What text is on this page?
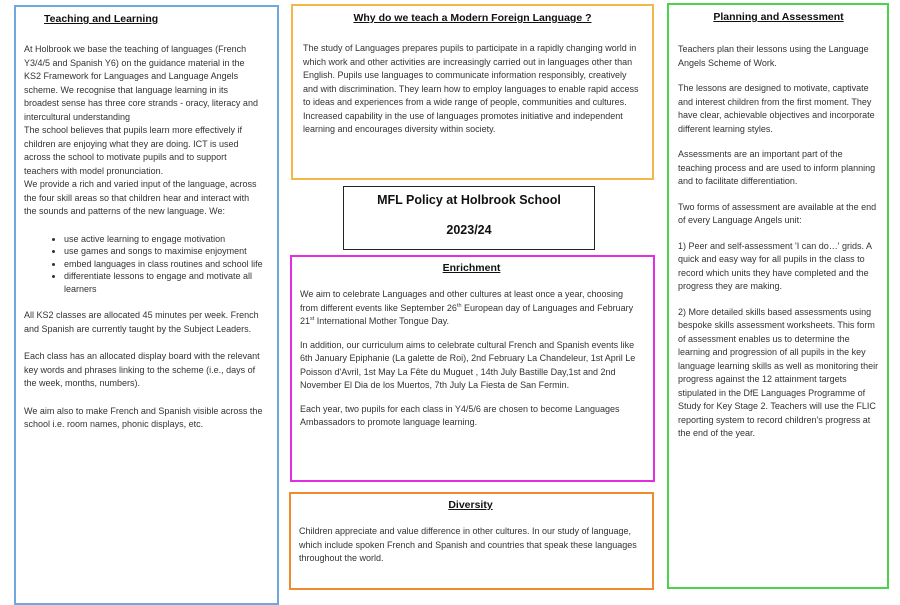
Teaching and Learning

At Holbrook we base the teaching of languages (French Y3/4/5 and Spanish Y6) on the guidance material in the KS2 Framework for Languages and Language Angels scheme. We recognise that language learning in its broadest sense has three core strands - oracy, literacy and intercultural understanding

The school believes that pupils learn more effectively if children are enjoying what they are doing. ICT is used across the school to motivate pupils and to support teachers with model pronunciation.

We provide a rich and varied input of the language, across the four skill areas so that children hear and interact with the sounds and patterns of the new language. We:

• use active learning to engage motivation
• use games and songs to maximise enjoyment
• embed languages in class routines and school life
• differentiate lessons to engage and motivate all learners

All KS2 classes are allocated 45 minutes per week. French and Spanish are currently taught by the Subject Leaders.

Each class has an allocated display board with the relevant key words and phrases linking to the scheme (i.e., days of the week, months, numbers).

We aim also to make French and Spanish visible across the school i.e. room names, phonic displays, etc.

Why do we teach a Modern Foreign Language ?

The study of Languages prepares pupils to participate in a rapidly changing world in which work and other activities are increasingly carried out in languages other than English. Pupils use languages to communicate information responsibly, creatively and with discrimination. They learn how to employ languages to enable rapid access to ideas and experiences from a wide range of people, communities and cultures. Increased capability in the use of languages promotes initiative and independent learning and encourages diversity within society.

MFL Policy at Holbrook School
2023/24
Enrichment

We aim to celebrate Languages and other cultures at least once a year, choosing from different events like September 26th European day of Languages and February 21st International Mother Tongue Day.

In addition, our curriculum aims to celebrate cultural French and Spanish events like 6th January Epiphanie (La galette de Roi), 2nd February La Chandeleur, 1st April Le Poisson d'Avril, 1st May La Fête du Muguet , 14th July Bastille Day,1st and 2nd November El Dia de los Muertos, 7th July La Fiesta de San Fermin.

Each year, two pupils for each class in Y4/5/6 are chosen to become Languages Ambassadors to promote language learning.

Diversity

Children appreciate and value difference in other cultures. In our study of language, which include spoken French and Spanish and countries that speak these languages throughout the world.

Planning and Assessment

Teachers plan their lessons using the Language Angels Scheme of Work.

The lessons are designed to motivate, captivate and interest children from the first moment. They have clear, achievable objectives and incorporate different learning styles.

Assessments are an important part of the teaching process and are used to inform planning and to facilitate differentiation.

Two forms of assessment are available at the end of every Language Angels unit:

1) Peer and self-assessment 'I can do…' grids. A quick and easy way for all pupils in the class to record which units they have completed and the progress they are making.

2) More detailed skills based assessments using bespoke skills assessment worksheets. This form of assessment enables us to determine the learning and progression of all pupils in the key language learning skills as well as monitoring their progress against the 12 attainment targets stipulated in the DfE Languages Programme of Study for Key Stage 2. Teachers will use the FLIC reporting system to record children's progress at the end of the year.
